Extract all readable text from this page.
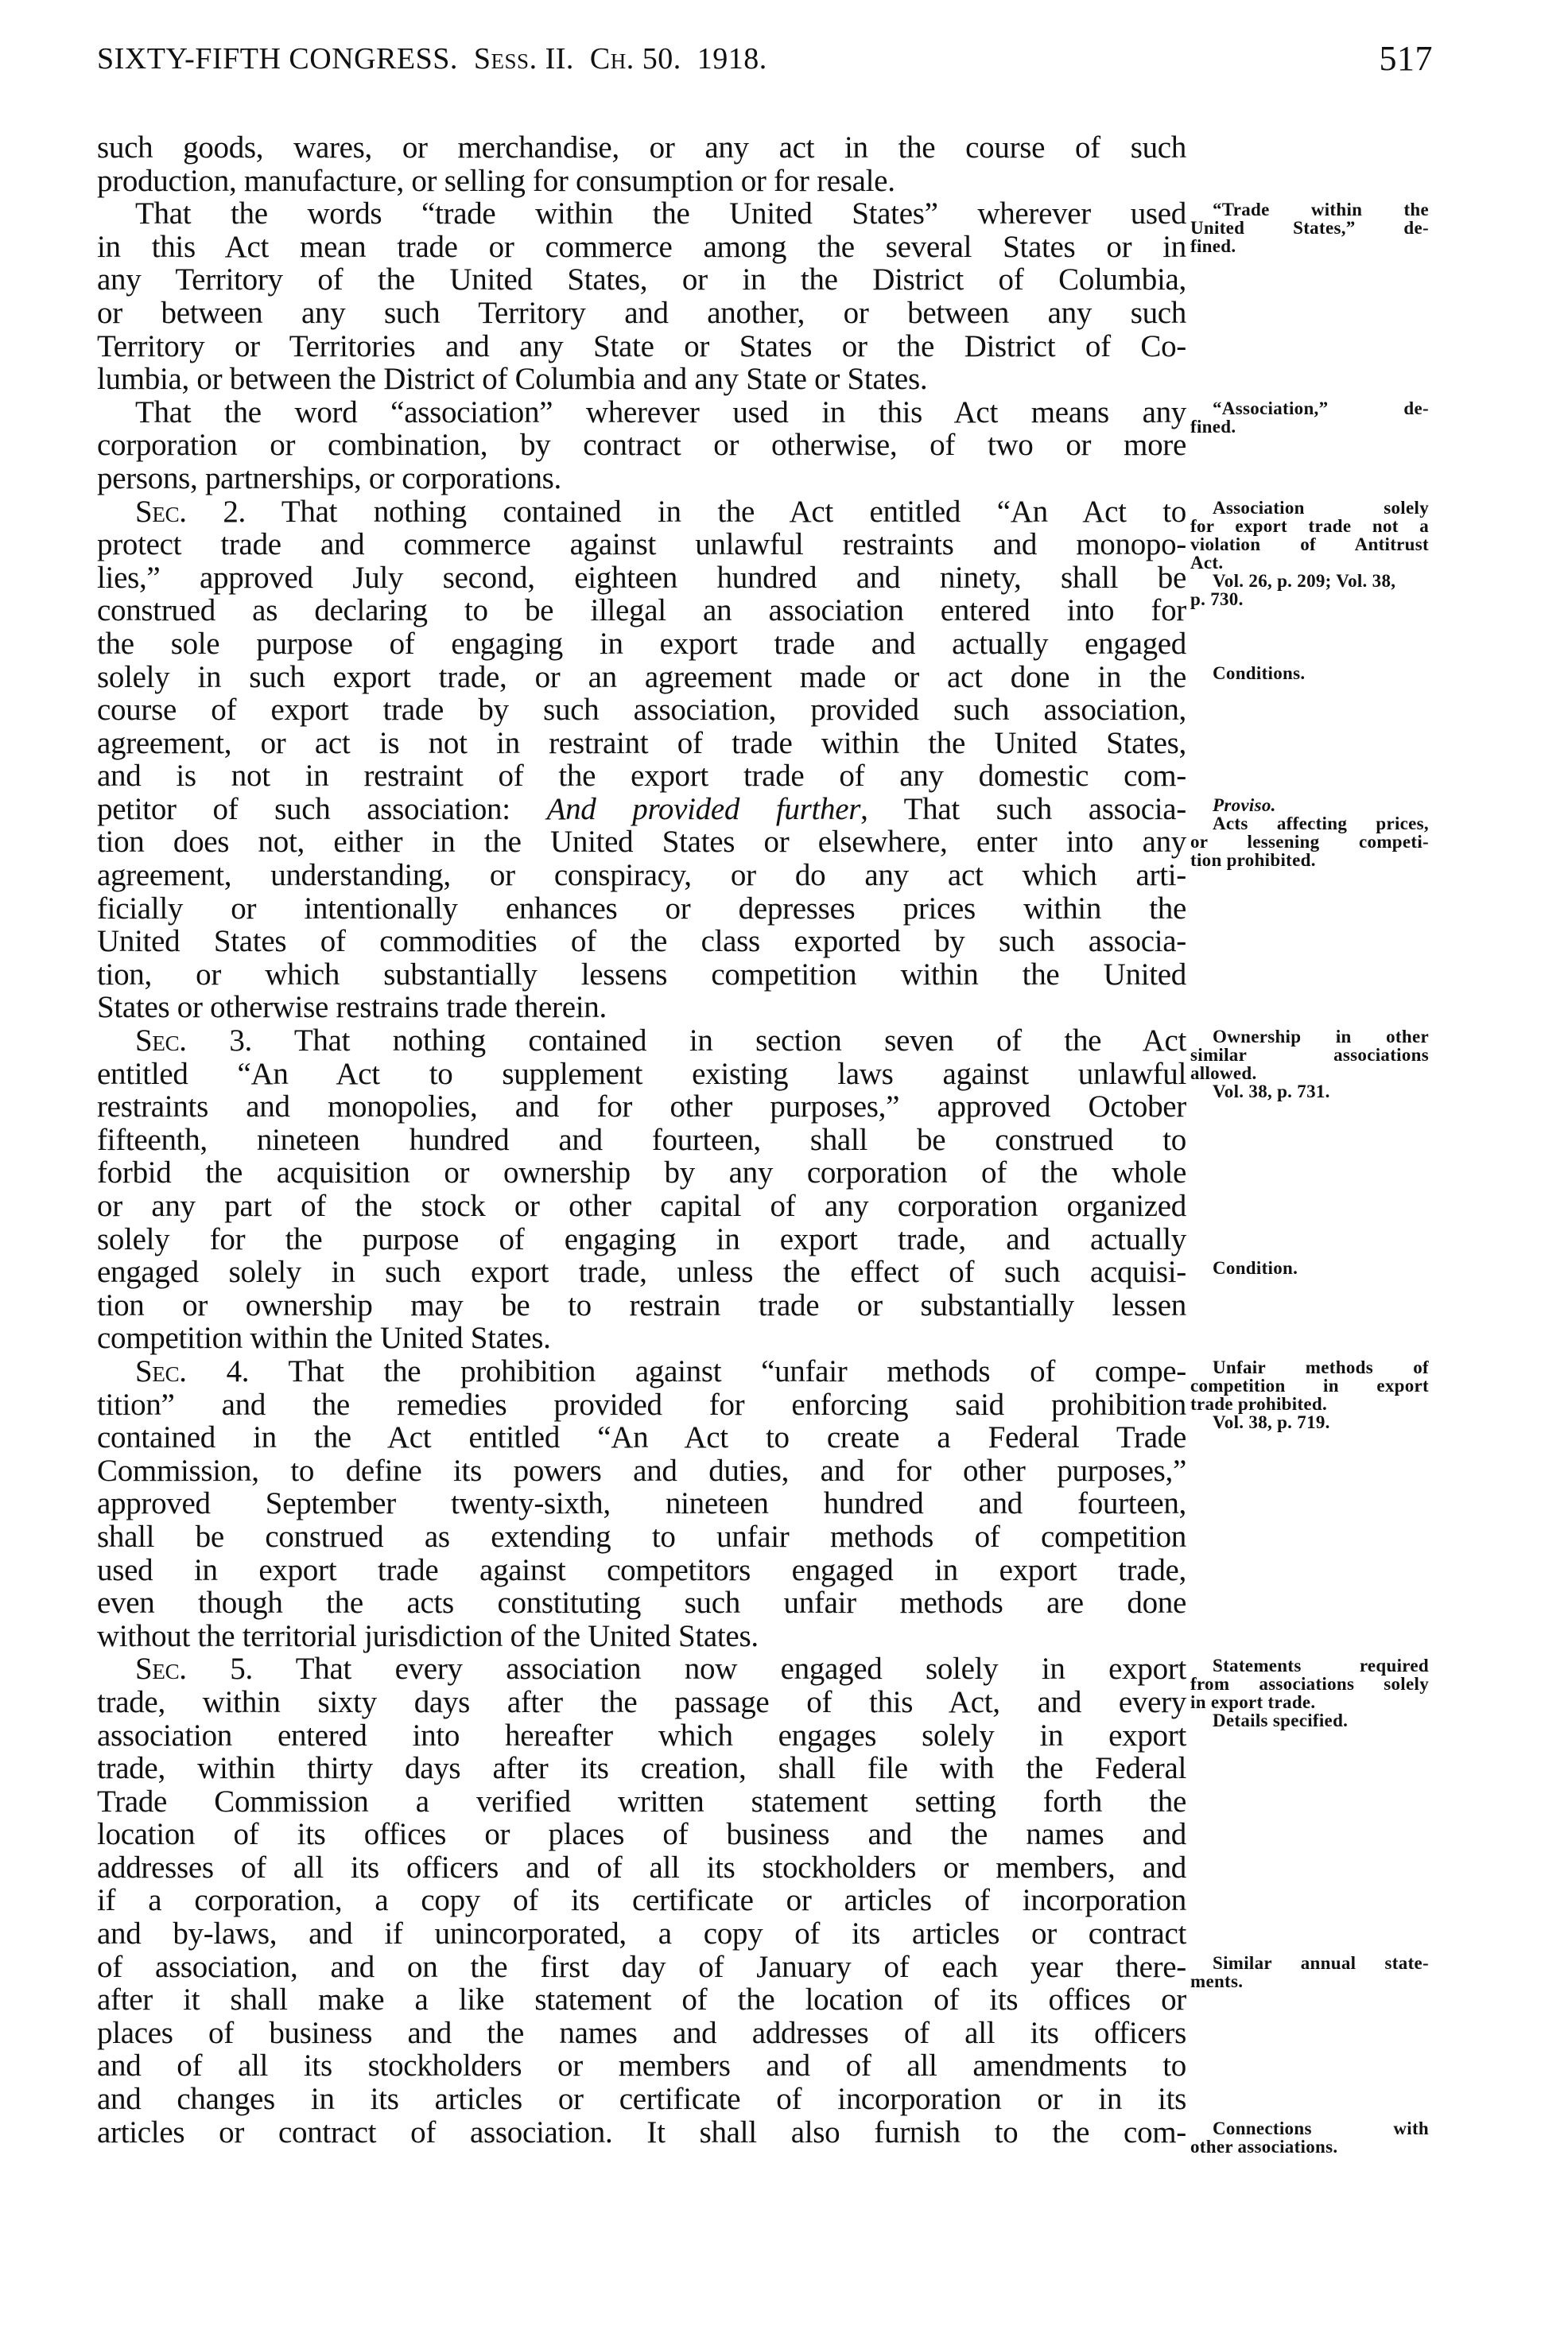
SIXTY-FIFTH CONGRESS. Sess. II. Ch. 50. 1918.	517
such goods, wares, or merchandise, or any act in the course of such
production, manufacture, or selling for consumption or for resale.
That the words “trade within the United States” wherever used
in this Act mean trade or commerce among the several States or in
any Territory of the United States, or in the District of Columbia,
or between any such Territory and another, or between any such
Territory or Territories and any State or States or the District of Co-
lumbia, or between the District of Columbia and any State or States.
That the word “association” wherever used in this Act means any
corporation or combination, by contract or otherwise, of two or more
persons, partnerships, or corporations.
Sec. 2. That nothing contained in the Act entitled “An Act to
protect trade and commerce against unlawful restraints and monopo-
lies,” approved July second, eighteen hundred and ninety, shall be
construed as declaring to be illegal an association entered into for
the sole purpose of engaging in export trade and actually engaged
solely in such export trade, or an agreement made or act done in the
course of export trade by such association, provided such association,
agreement, or act is not in restraint of trade within the United States,
and is not in restraint of the export trade of any domestic com-
petitor of such association: And provided further, That such associa-
tion does not, either in the United States or elsewhere, enter into any
agreement, understanding, or conspiracy, or do any act which arti-
ficially or intentionally enhances or depresses prices within the
United States of commodities of the class exported by such associa-
tion, or which substantially lessens competition within the United
States or otherwise restrains trade therein.
Sec. 3. That nothing contained in section seven of the Act
entitled “An Act to supplement existing laws against unlawful
restraints and monopolies, and for other purposes,” approved October
fifteenth, nineteen hundred and fourteen, shall be construed to
forbid the acquisition or ownership by any corporation of the whole
or any part of the stock or other capital of any corporation organized
solely for the purpose of engaging in export trade, and actually
engaged solely in such export trade, unless the effect of such acquisi-
tion or ownership may be to restrain trade or substantially lessen
competition within the United States.
Sec. 4. That the prohibition against “unfair methods of compe-
tition” and the remedies provided for enforcing said prohibition
contained in the Act entitled “An Act to create a Federal Trade
Commission, to define its powers and duties, and for other purposes,”
approved September twenty-sixth, nineteen hundred and fourteen,
shall be construed as extending to unfair methods of competition
used in export trade against competitors engaged in export trade,
even though the acts constituting such unfair methods are done
without the territorial jurisdiction of the United States.
Sec. 5. That every association now engaged solely in export
trade, within sixty days after the passage of this Act, and every
association entered into hereafter which engages solely in export
trade, within thirty days after its creation, shall file with the Federal
Trade Commission a verified written statement setting forth the
location of its offices or places of business and the names and
addresses of all its officers and of all its stockholders or members, and
if a corporation, a copy of its certificate or articles of incorporation
and by-laws, and if unincorporated, a copy of its articles or contract
of association, and on the first day of January of each year there-
after it shall make a like statement of the location of its offices or
places of business and the names and addresses of all its officers
and of all its stockholders or members and of all amendments to
and changes in its articles or certificate of incorporation or in its
articles or contract of association. It shall also furnish to the com-
“Trade within the
United States,” de-
fined.
“Association,” de-
fined.
Association solely
for export trade not a
violation of Antitrust
Act.
Vol. 26, p. 209; Vol. 38,
p. 730.
Conditions.
Proviso.
Acts affecting prices,
or lessening competi-
tion prohibited.
Ownership in other
similar associations
allowed.
Vol. 38, p. 731.
Condition.
Unfair methods of
competition in export
trade prohibited.
Vol. 38, p. 719.
Statements required
from associations solely
in export trade.
Details specified.
Similar annual state-
ments.
Connections with
other associations.
